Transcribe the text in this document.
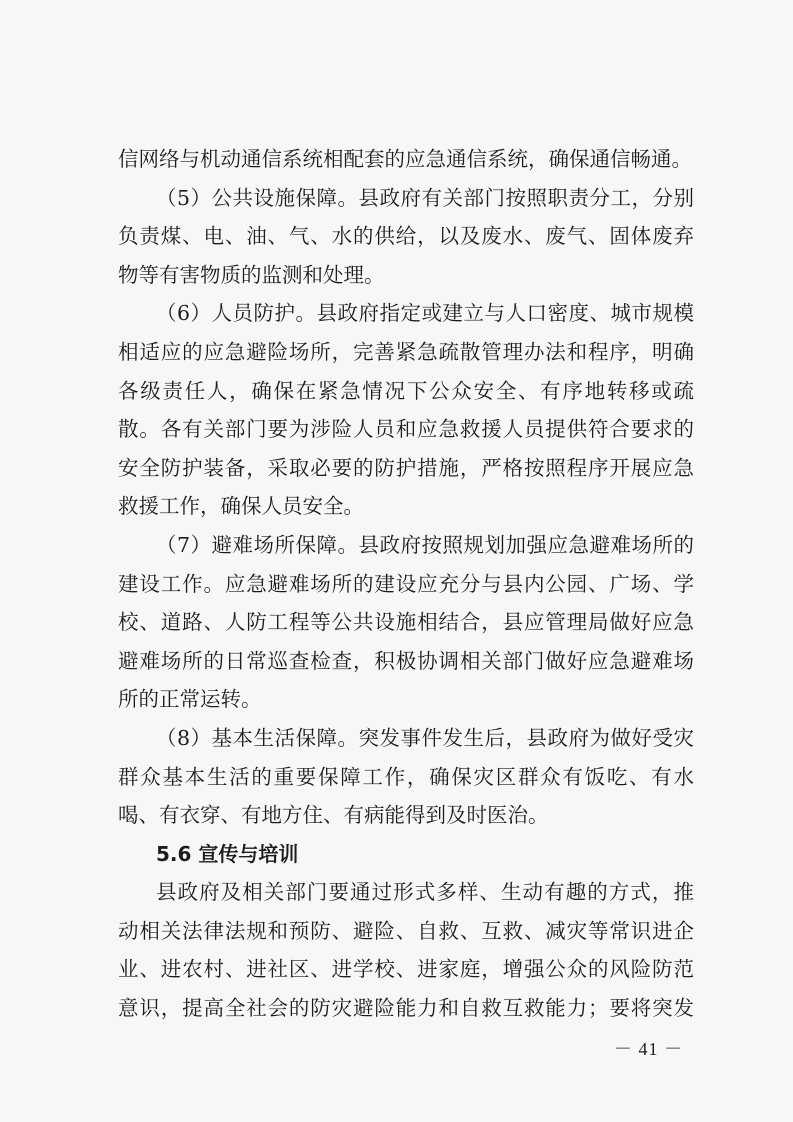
信网络与机动通信系统相配套的应急通信系统，确保通信畅通。
（5）公共设施保障。县政府有关部门按照职责分工，分别
负责煤、电、油、气、水的供给，以及废水、废气、固体废弃
物等有害物质的监测和处理。
（6）人员防护。县政府指定或建立与人口密度、城市规模
相适应的应急避险场所，完善紧急疏散管理办法和程序，明确
各级责任人，确保在紧急情况下公众安全、有序地转移或疏
散。各有关部门要为涉险人员和应急救援人员提供符合要求的
安全防护装备，采取必要的防护措施，严格按照程序开展应急
救援工作，确保人员安全。
（7）避难场所保障。县政府按照规划加强应急避难场所的
建设工作。应急避难场所的建设应充分与县内公园、广场、学
校、道路、人防工程等公共设施相结合，县应管理局做好应急
避难场所的日常巡查检查，积极协调相关部门做好应急避难场
所的正常运转。
（8）基本生活保障。突发事件发生后，县政府为做好受灾
群众基本生活的重要保障工作，确保灾区群众有饭吃、有水
喝、有衣穿、有地方住、有病能得到及时医治。
5.6 宣传与培训
县政府及相关部门要通过形式多样、生动有趣的方式，推
动相关法律法规和预防、避险、自救、互救、减灾等常识进企
业、进农村、进社区、进学校、进家庭，增强公众的风险防范
意识，提高全社会的防灾避险能力和自救互救能力；要将突发
－ 41 －
